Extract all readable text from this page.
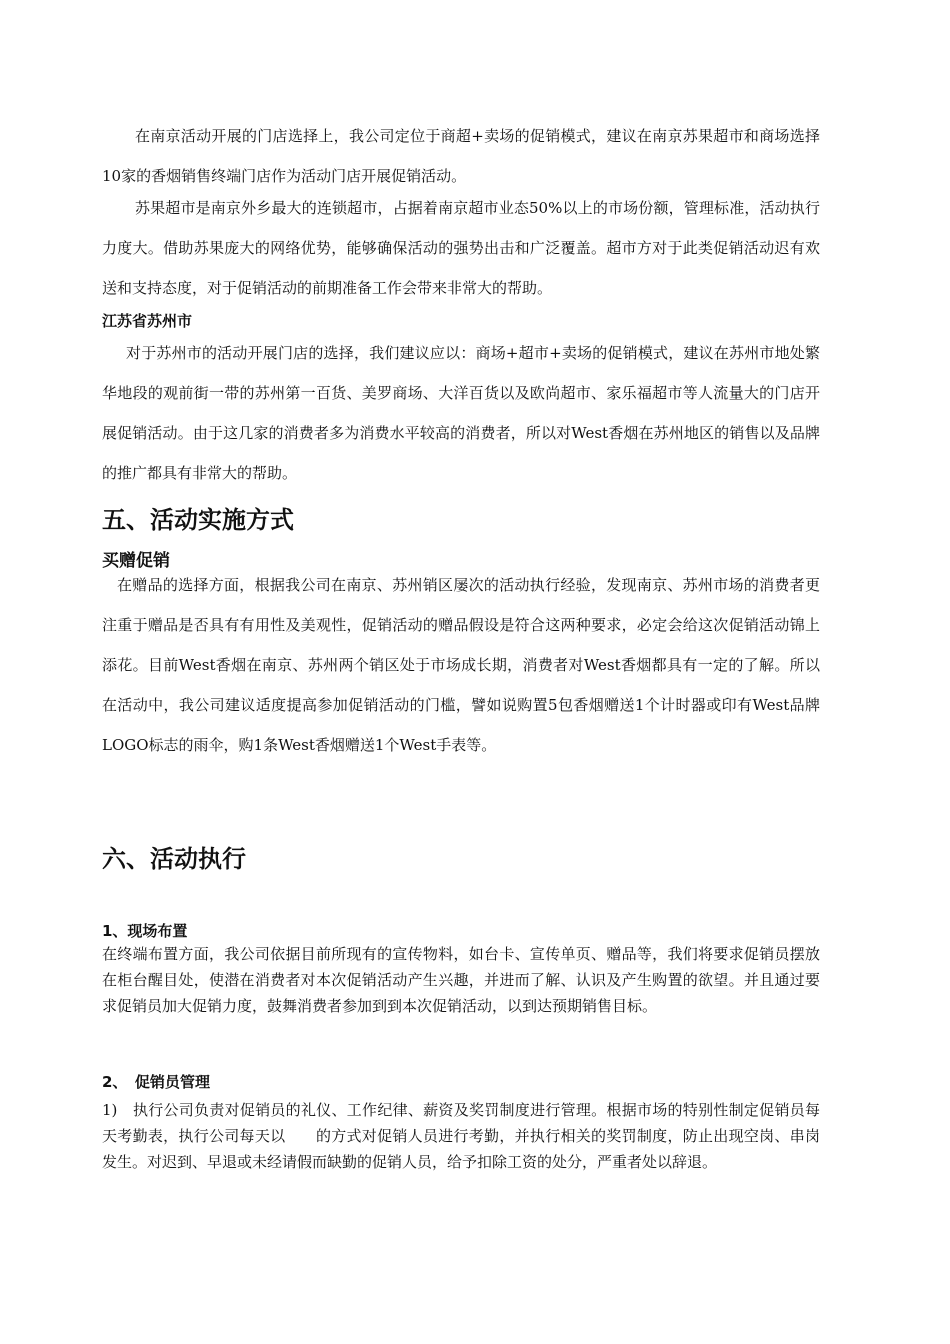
在南京活动开展的门店选择上，我公司定位于商超+卖场的促销模式，建议在南京苏果超市和商场选择10家的香烟销售终端门店作为活动门店开展促销活动。

苏果超市是南京外乡最大的连锁超市，占据着南京超市业态50%以上的市场份额，管理标准，活动执行力度大。借助苏果庞大的网络优势，能够确保活动的强势出击和广泛覆盖。超市方对于此类促销活动迟有欢送和支持态度，对于促销活动的前期准备工作会带来非常大的帮助。

江苏省苏州市

对于苏州市的活动开展门店的选择，我们建议应以：商场+超市+卖场的促销模式，建议在苏州市地处繁华地段的观前街一带的苏州第一百货、美罗商场、大洋百货以及欧尚超市、家乐福超市等人流量大的门店开展促销活动。由于这几家的消费者多为消费水平较高的消费者，所以对West香烟在苏州地区的销售以及品牌的推广都具有非常大的帮助。

五、活动实施方式
买赠促销

在赠品的选择方面，根据我公司在南京、苏州销区屡次的活动执行经验，发现南京、苏州市场的消费者更注重于赠品是否具有有用性及美观性，促销活动的赠品假设是符合这两种要求，必定会给这次促销活动锦上添花。目前West香烟在南京、苏州两个销区处于市场成长期，消费者对West香烟都具有一定的了解。所以在活动中，我公司建议适度提高参加促销活动的门槛，譬如说购置5包香烟赠送1个计时器或印有West品牌LOGO标志的雨伞，购1条West香烟赠送1个West手表等。

六、活动执行
1、现场布置

在终端布置方面，我公司依据目前所现有的宣传物料，如台卡、宣传单页、赠品等，我们将要求促销员摆放在柜台醒目处，使潜在消费者对本次促销活动产生兴趣，并进而了解、认识及产生购置的欲望。并且通过要求促销员加大促销力度，鼓舞消费者参加到到本次促销活动，以到达预期销售目标。

2、　促销员管理

1)　执行公司负责对促销员的礼仪、工作纪律、薪资及奖罚制度进行管理。根据市场的特别性制定促销员每天考勤表，执行公司每天以　　的方式对促销人员进行考勤，并执行相关的奖罚制度，防止出现空岗、串岗发生。对迟到、早退或未经请假而缺勤的促销人员，给予扣除工资的处分，严重者处以辞退。
